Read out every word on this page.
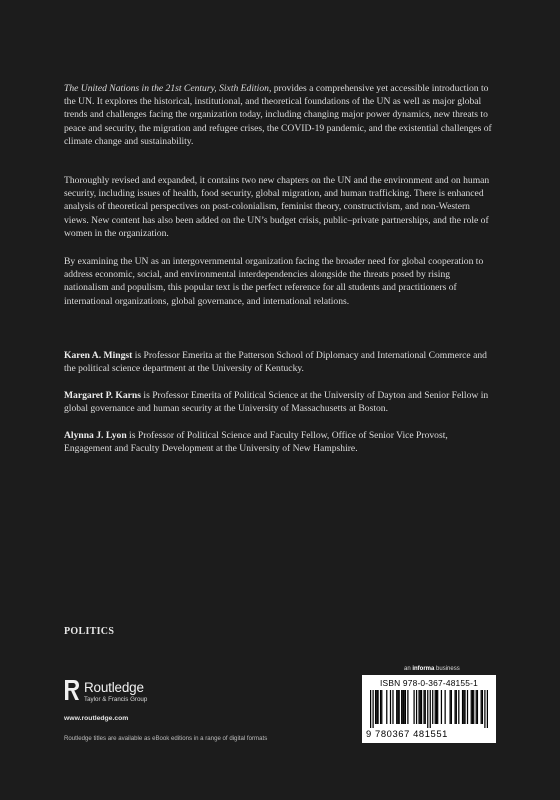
The United Nations in the 21st Century, Sixth Edition, provides a comprehensive yet accessible introduction to the UN. It explores the historical, institutional, and theoretical foundations of the UN as well as major global trends and challenges facing the organization today, including changing major power dynamics, new threats to peace and security, the migration and refugee crises, the COVID-19 pandemic, and the existential challenges of climate change and sustainability.

Thoroughly revised and expanded, it contains two new chapters on the UN and the environment and on human security, including issues of health, food security, global migration, and human trafficking. There is enhanced analysis of theoretical perspectives on post-colonialism, feminist theory, constructivism, and non-Western views. New content has also been added on the UN’s budget crisis, public–private partnerships, and the role of women in the organization.

By examining the UN as an intergovernmental organization facing the broader need for global cooperation to address economic, social, and environmental interdependencies alongside the threats posed by rising nationalism and populism, this popular text is the perfect reference for all students and practitioners of international organizations, global governance, and international relations.

Karen A. Mingst is Professor Emerita at the Patterson School of Diplomacy and International Commerce and the political science department at the University of Kentucky.

Margaret P. Karns is Professor Emerita of Political Science at the University of Dayton and Senior Fellow in global governance and human security at the University of Massachusetts at Boston.

Alynna J. Lyon is Professor of Political Science and Faculty Fellow, Office of Senior Vice Provost, Engagement and Faculty Development at the University of New Hampshire.

POLITICS
Routledge
Taylor & Francis Group
www.routledge.com
Routledge titles are available as eBook editions in a range of digital formats
an informa business
ISBN 978-0-367-48155-1
9 780367 481551
